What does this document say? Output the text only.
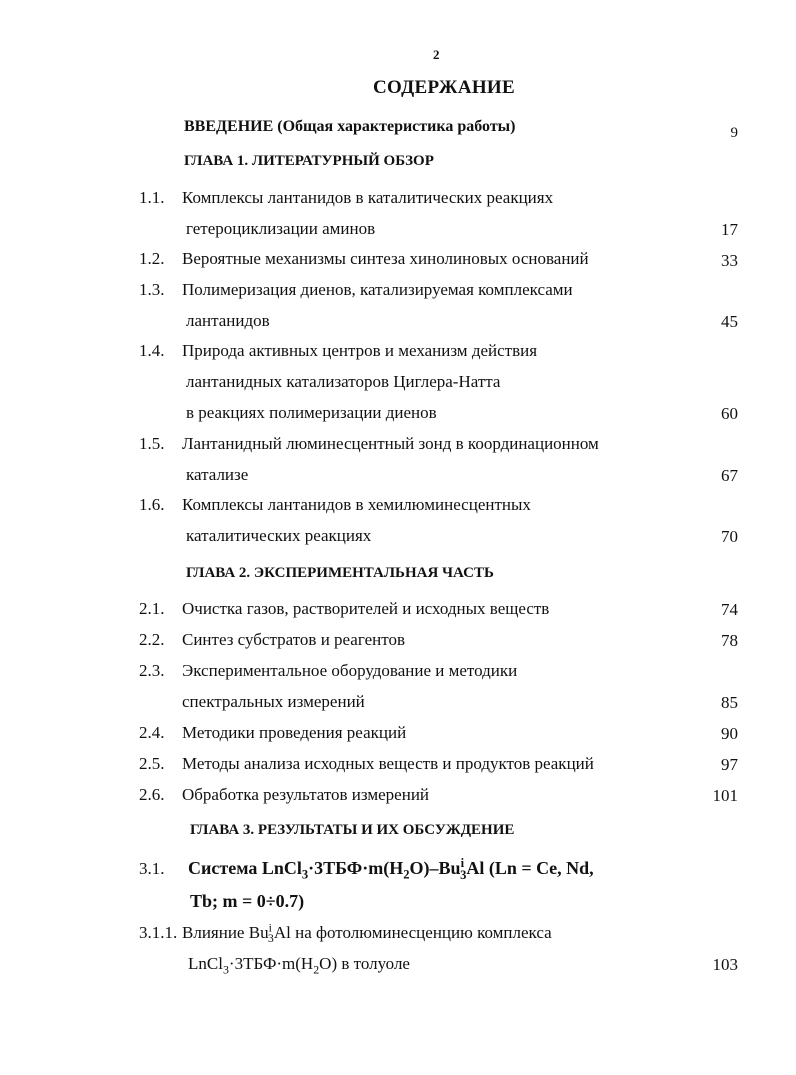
2
СОДЕРЖАНИЕ
ВВЕДЕНИЕ (Общая характеристика работы)	9
ГЛАВА 1. ЛИТЕРАТУРНЫЙ ОБЗОР
1.1. Комплексы лантанидов в каталитических реакциях
гетероциклизации аминов	17
1.2. Вероятные механизмы синтеза хинолиновых оснований	33
1.3. Полимеризация диенов, катализируемая комплексами
лантанидов	45
1.4. Природа активных центров и механизм действия
лантанидных катализаторов Циглера-Натта
в реакциях полимеризации диенов	60
1.5. Лантанидный люминесцентный зонд в координационном
катализе	67
1.6. Комплексы лантанидов в хемилюминесцентных
каталитических реакциях	70
ГЛАВА 2. ЭКСПЕРИМЕНТАЛЬНАЯ ЧАСТЬ
2.1. Очистка газов, растворителей и исходных веществ	74
2.2. Синтез субстратов и реагентов	78
2.3. Экспериментальное оборудование и методики
спектральных измерений	85
2.4. Методики проведения реакций	90
2.5. Методы анализа исходных веществ и продуктов реакций	97
2.6. Обработка результатов измерений	101
ГЛАВА 3. РЕЗУЛЬТАТЫ И ИХ ОБСУЖДЕНИЕ
3.1. Система $LnCl_3\cdot 3ТБФ\cdot m(H_2O)-Bu^i_3Al$ (Ln = Ce, Nd,
Tb; m = 0÷0.7)
3.1.1. Влияние $Bu^i_3Al$ на фотолюминесценцию комплекса
$LnCl_3\cdot 3ТБФ\cdot m(H_2O)$ в толуоле	103
